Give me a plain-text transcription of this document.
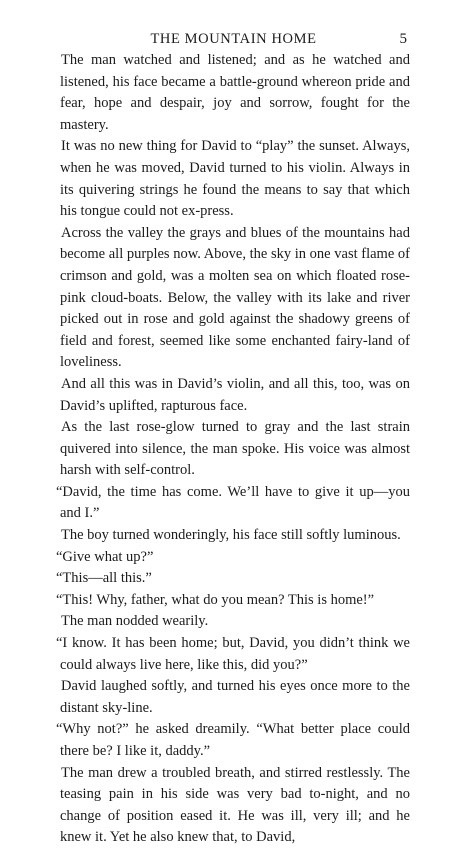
THE MOUNTAIN HOME	5

The man watched and listened; and as he watched and listened, his face became a battle-ground whereon pride and fear, hope and despair, joy and sorrow, fought for the mastery.

It was no new thing for David to “play” the sunset. Always, when he was moved, David turned to his violin. Always in its quivering strings he found the means to say that which his tongue could not ex-press.

Across the valley the grays and blues of the mountains had become all purples now. Above, the sky in one vast flame of crimson and gold, was a molten sea on which floated rose-pink cloud-boats. Below, the valley with its lake and river picked out in rose and gold against the shadowy greens of field and forest, seemed like some enchanted fairy-land of loveliness.

And all this was in David’s violin, and all this, too, was on David’s uplifted, rapturous face.

As the last rose-glow turned to gray and the last strain quivered into silence, the man spoke. His voice was almost harsh with self-control.

“David, the time has come. We’ll have to give it up—you and I.”

The boy turned wonderingly, his face still softly luminous.

“Give what up?”

“This—all this.”

“This! Why, father, what do you mean? This is home!”

The man nodded wearily.

“I know. It has been home; but, David, you didn’t think we could always live here, like this, did you?”

David laughed softly, and turned his eyes once more to the distant sky-line.

“Why not?” he asked dreamily. “What better place could there be? I like it, daddy.”

The man drew a troubled breath, and stirred restlessly. The teasing pain in his side was very bad to-night, and no change of position eased it. He was ill, very ill; and he knew it. Yet he also knew that, to David,
